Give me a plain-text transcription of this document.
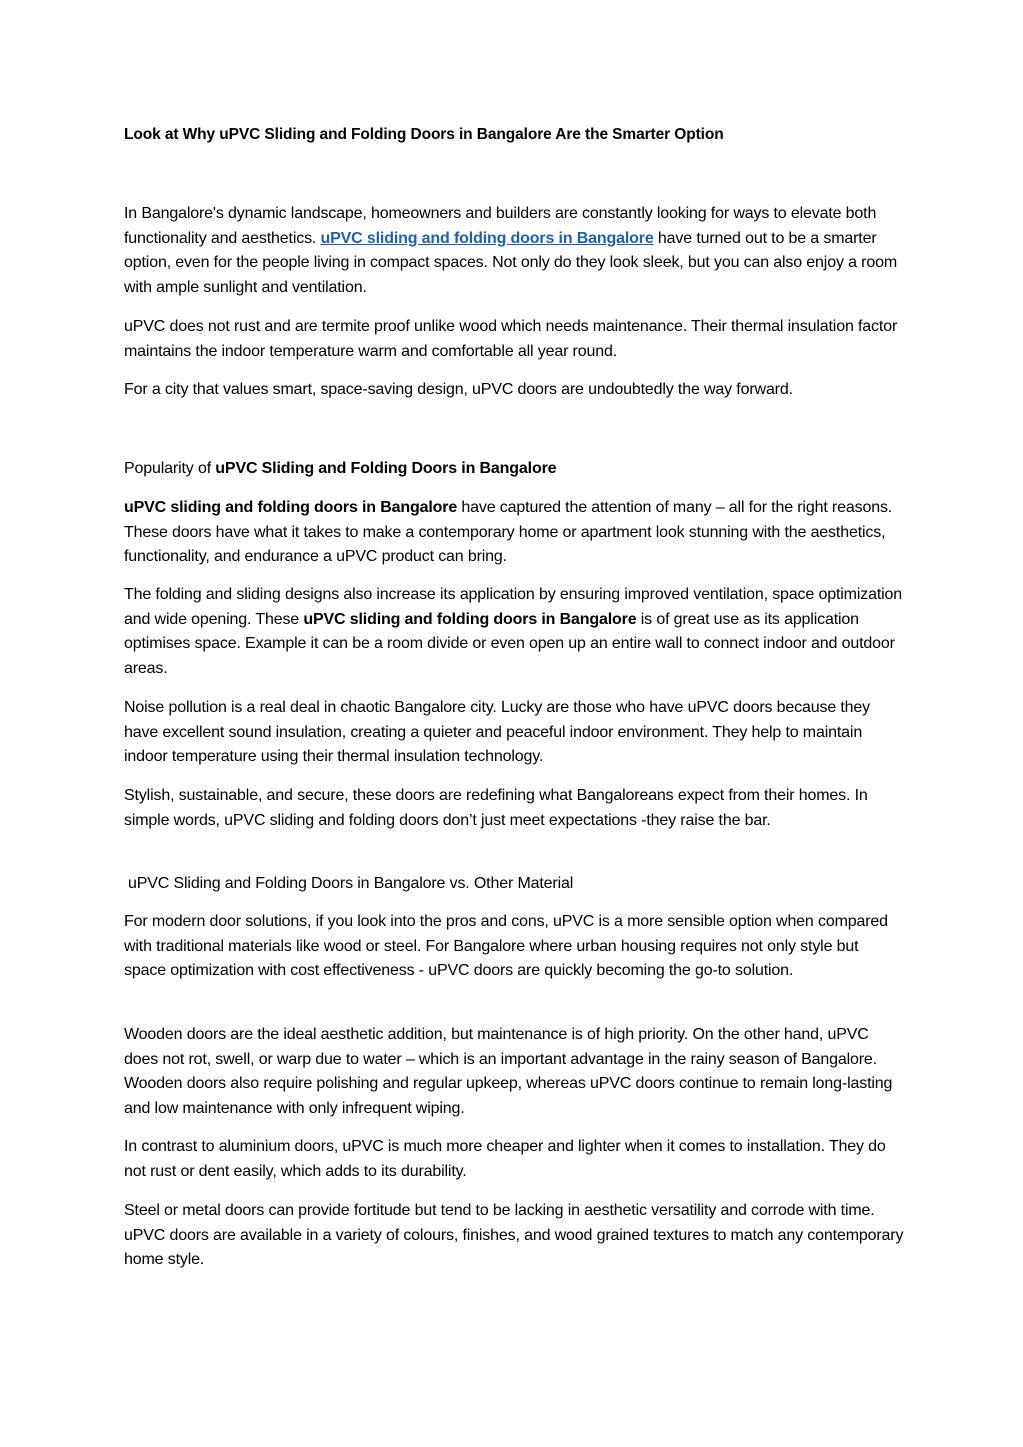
Look at Why uPVC Sliding and Folding Doors in Bangalore Are the Smarter Option

In Bangalore's dynamic landscape, homeowners and builders are constantly looking for ways to elevate both functionality and aesthetics. uPVC sliding and folding doors in Bangalore have turned out to be a smarter option, even for the people living in compact spaces. Not only do they look sleek, but you can also enjoy a room with ample sunlight and ventilation.

uPVC does not rust and are termite proof unlike wood which needs maintenance. Their thermal insulation factor maintains the indoor temperature warm and comfortable all year round.

For a city that values smart, space-saving design, uPVC doors are undoubtedly the way forward.

Popularity of uPVC Sliding and Folding Doors in Bangalore

uPVC sliding and folding doors in Bangalore have captured the attention of many – all for the right reasons. These doors have what it takes to make a contemporary home or apartment look stunning with the aesthetics, functionality, and endurance a uPVC product can bring.

The folding and sliding designs also increase its application by ensuring improved ventilation, space optimization and wide opening. These uPVC sliding and folding doors in Bangalore is of great use as its application optimises space. Example it can be a room divide or even open up an entire wall to connect indoor and outdoor areas.

Noise pollution is a real deal in chaotic Bangalore city. Lucky are those who have uPVC doors because they have excellent sound insulation, creating a quieter and peaceful indoor environment. They help to maintain indoor temperature using their thermal insulation technology.

Stylish, sustainable, and secure, these doors are redefining what Bangaloreans expect from their homes. In simple words, uPVC sliding and folding doors don’t just meet expectations -they raise the bar.

uPVC Sliding and Folding Doors in Bangalore vs. Other Material

For modern door solutions, if you look into the pros and cons, uPVC is a more sensible option when compared with traditional materials like wood or steel. For Bangalore where urban housing requires not only style but space optimization with cost effectiveness - uPVC doors are quickly becoming the go-to solution.

Wooden doors are the ideal aesthetic addition, but maintenance is of high priority. On the other hand, uPVC does not rot, swell, or warp due to water – which is an important advantage in the rainy season of Bangalore. Wooden doors also require polishing and regular upkeep, whereas uPVC doors continue to remain long-lasting and low maintenance with only infrequent wiping.

In contrast to aluminium doors, uPVC is much more cheaper and lighter when it comes to installation. They do not rust or dent easily, which adds to its durability.

Steel or metal doors can provide fortitude but tend to be lacking in aesthetic versatility and corrode with time. uPVC doors are available in a variety of colours, finishes, and wood grained textures to match any contemporary home style.
